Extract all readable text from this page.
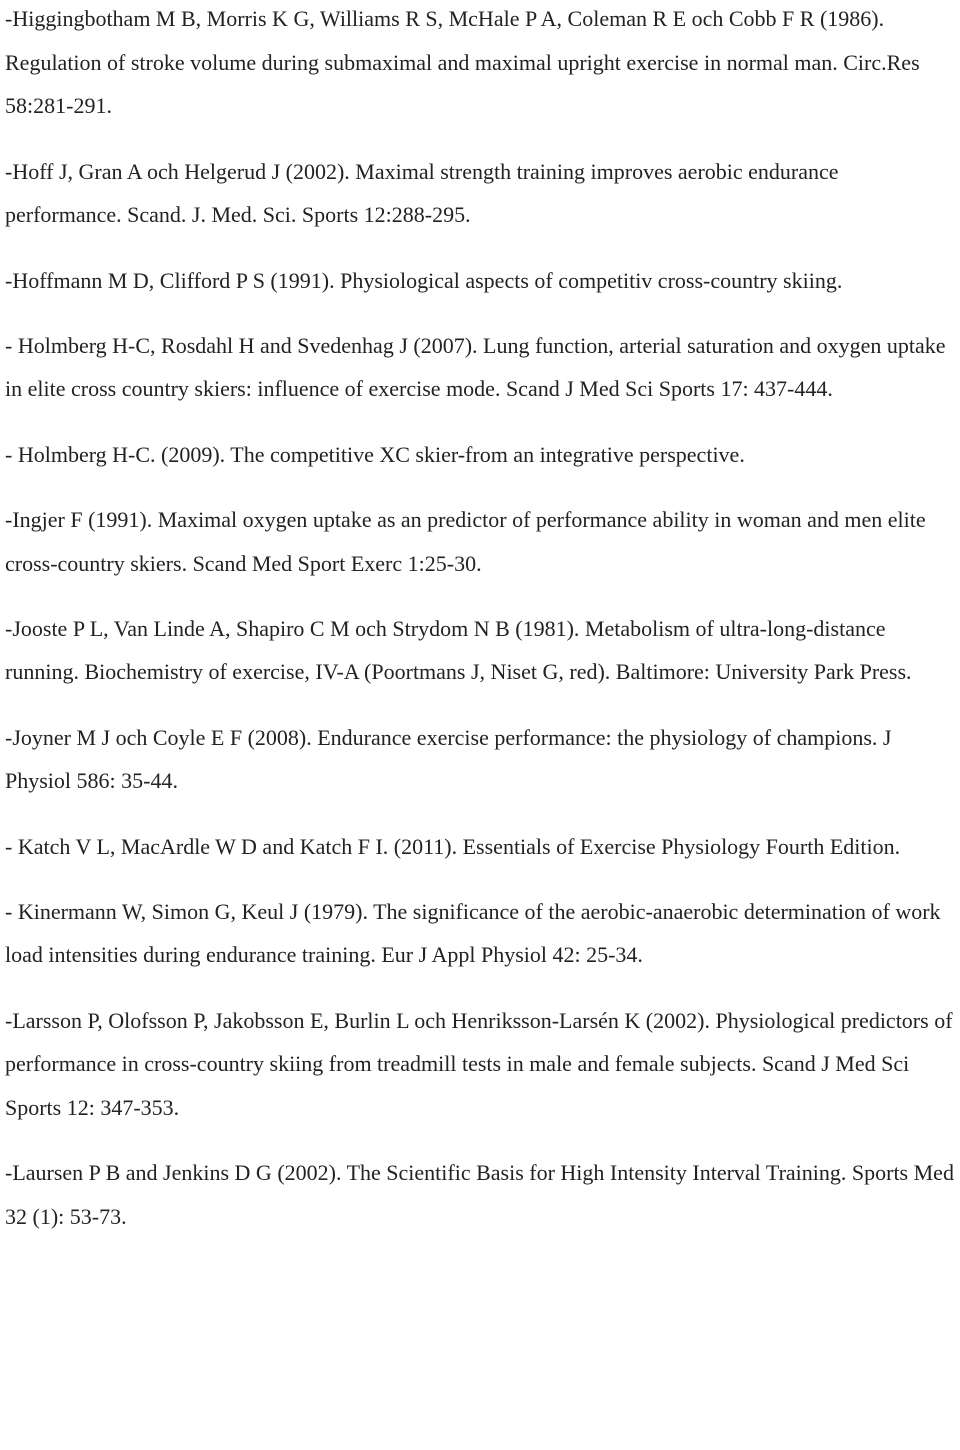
-Higgingbotham M B, Morris K G, Williams R S, McHale P A, Coleman R E och Cobb F R (1986). Regulation of stroke volume during submaximal and maximal upright exercise in normal man. Circ.Res 58:281-291.

-Hoff J, Gran A och Helgerud J (2002). Maximal strength training improves aerobic endurance performance. Scand. J. Med. Sci. Sports 12:288-295.

-Hoffmann M D, Clifford P S (1991). Physiological aspects of competitiv cross-country skiing.

- Holmberg H-C, Rosdahl H and Svedenhag J (2007). Lung function, arterial saturation and oxygen uptake in elite cross country skiers: influence of exercise mode. Scand J Med Sci Sports 17: 437-444.

- Holmberg H-C. (2009). The competitive XC skier-from an integrative perspective.

-Ingjer F (1991). Maximal oxygen uptake as an predictor of performance ability in woman and men elite cross-country skiers. Scand Med Sport Exerc 1:25-30.

-Jooste P L, Van Linde A, Shapiro C M och Strydom N B (1981). Metabolism of ultra-long-distance running. Biochemistry of exercise, IV-A (Poortmans J, Niset G, red). Baltimore: University Park Press.

-Joyner M J och Coyle E F (2008). Endurance exercise performance: the physiology of champions. J Physiol 586: 35-44.

- Katch V L, MacArdle W D and Katch F I. (2011). Essentials of Exercise Physiology Fourth Edition.

- Kinermann W, Simon G, Keul J (1979). The significance of the aerobic-anaerobic determination of work load intensities during endurance training. Eur J Appl Physiol 42: 25-34.

-Larsson P, Olofsson P, Jakobsson E, Burlin L och Henriksson-Larsén K (2002). Physiological predictors of performance in cross-country skiing from treadmill tests in male and female subjects. Scand J Med Sci Sports 12: 347-353.

-Laursen P B and Jenkins D G (2002). The Scientific Basis for High Intensity Interval Training. Sports Med 32 (1): 53-73.
